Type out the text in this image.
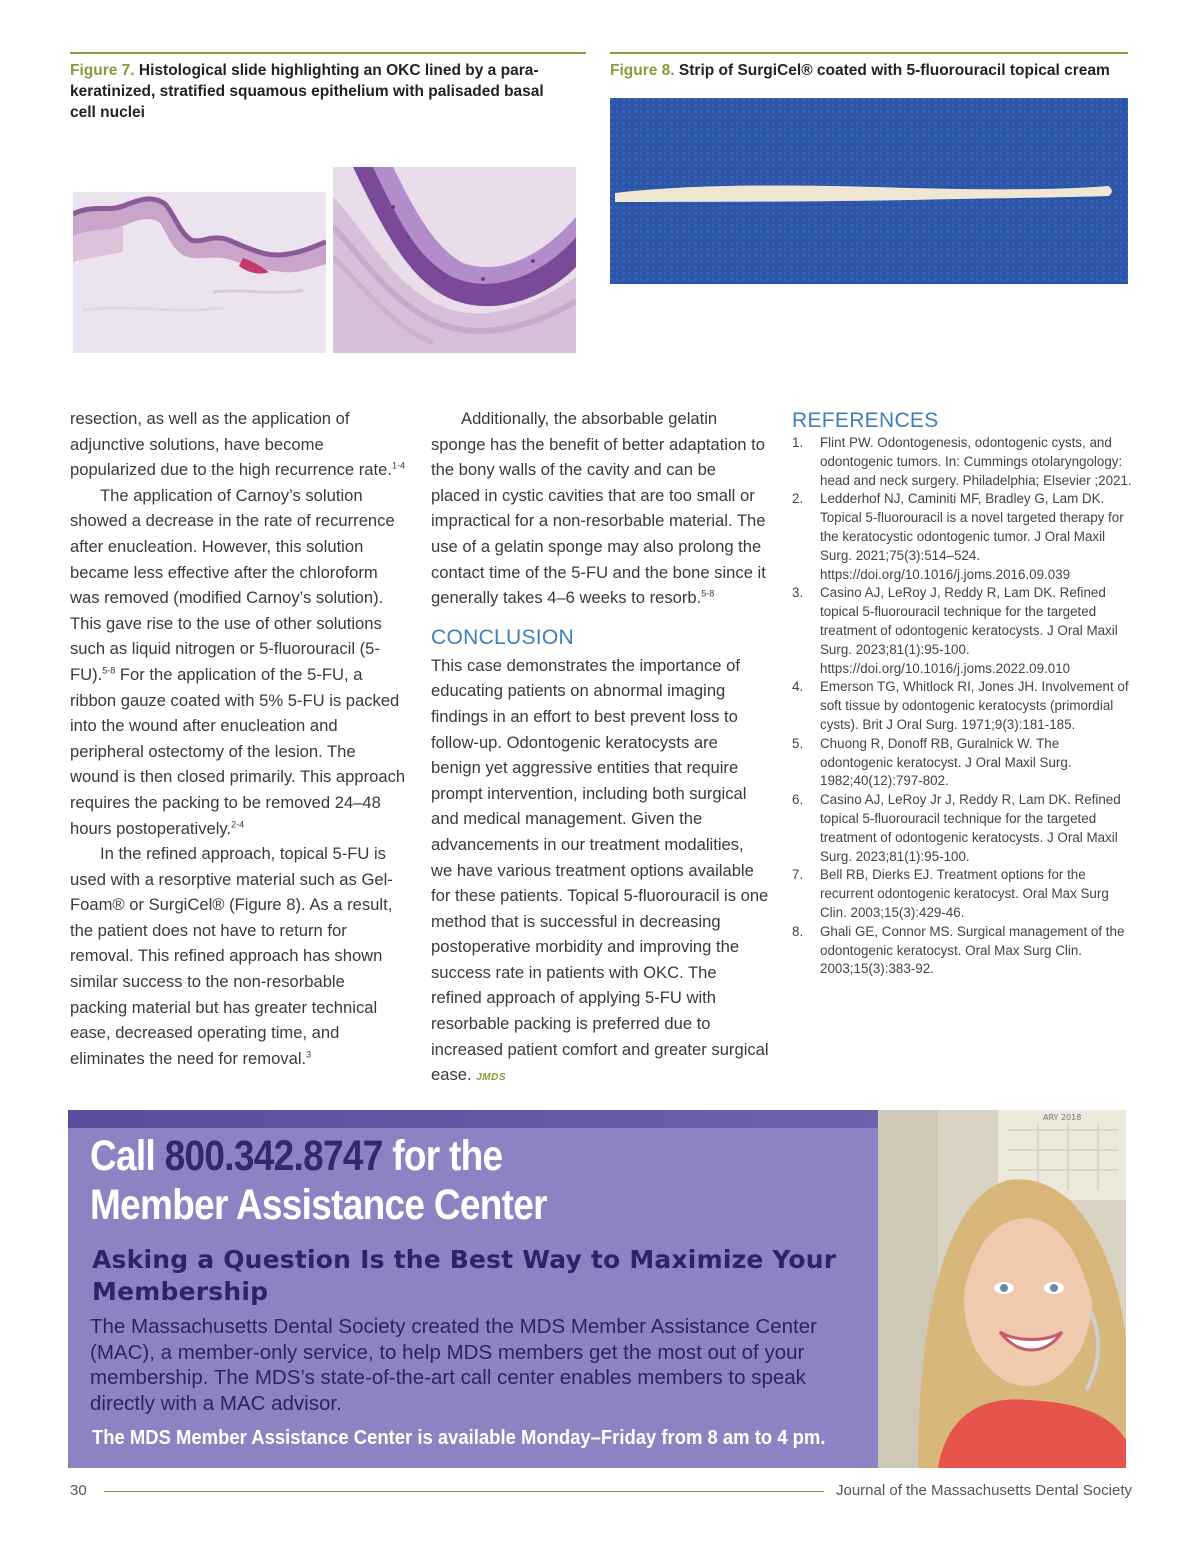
Figure 7. Histological slide highlighting an OKC lined by a para-keratinized, stratified squamous epithelium with palisaded basal cell nuclei
Figure 8. Strip of SurgiCel® coated with 5-fluorouracil topical cream

resection, as well as the application of adjunctive solutions, have become popularized due to the high recurrence rate.$^{1-4}$

The application of Carnoy’s solution showed a decrease in the rate of recurrence after enucleation. However, this solution became less effective after the chloroform was removed (modified Carnoy’s solution). This gave rise to the use of other solutions such as liquid nitrogen or 5-fluorouracil (5-FU).$^{5-8}$ For the application of the 5-FU, a ribbon gauze coated with 5% 5-FU is packed into the wound after enucleation and peripheral ostectomy of the lesion. The wound is then closed primarily. This approach requires the packing to be removed 24–48 hours postoperatively.$^{2-4}$

In the refined approach, topical 5-FU is used with a resorptive material such as Gel-Foam® or SurgiCel® (Figure 8). As a result, the patient does not have to return for removal. This refined approach has shown similar success to the non-resorbable packing material but has greater technical ease, decreased operating time, and eliminates the need for removal.$^3$

Additionally, the absorbable gelatin sponge has the benefit of better adaptation to the bony walls of the cavity and can be placed in cystic cavities that are too small or impractical for a non-resorbable material. The use of a gelatin sponge may also prolong the contact time of the 5-FU and the bone since it generally takes 4–6 weeks to resorb.$^{5-8}$

CONCLUSION

This case demonstrates the importance of educating patients on abnormal imaging findings in an effort to best prevent loss to follow-up. Odontogenic keratocysts are benign yet aggressive entities that require prompt intervention, including both surgical and medical management. Given the advancements in our treatment modalities, we have various treatment options available for these patients. Topical 5-fluorouracil is one method that is successful in decreasing postoperative morbidity and improving the success rate in patients with OKC. The refined approach of applying 5-FU with resorbable packing is preferred due to increased patient comfort and greater surgical ease. JMDS

REFERENCES
1. Flint PW. Odontogenesis, odontogenic cysts, and odontogenic tumors. In: Cummings otolaryngology: head and neck surgery. Philadelphia; Elsevier ;2021.
2. Ledderhof NJ, Caminiti MF, Bradley G, Lam DK. Topical 5-fluorouracil is a novel targeted therapy for the keratocystic odontogenic tumor. J Oral Maxil Surg. 2021;75(3):514–524. https://doi.org/10.1016/j.joms.2016.09.039
3. Casino AJ, LeRoy J, Reddy R, Lam DK. Refined topical 5-fluorouracil technique for the targeted treatment of odontogenic keratocysts. J Oral Maxil Surg. 2023;81(1):95-100. https://doi.org/10.1016/j.joms.2022.09.010
4. Emerson TG, Whitlock RI, Jones JH. Involvement of soft tissue by odontogenic keratocysts (primordial cysts). Brit J Oral Surg. 1971;9(3):181-185.
5. Chuong R, Donoff RB, Guralnick W. The odontogenic keratocyst. J Oral Maxil Surg. 1982;40(12):797-802.
6. Casino AJ, LeRoy Jr J, Reddy R, Lam DK. Refined topical 5-fluorouracil technique for the targeted treatment of odontogenic keratocysts. J Oral Maxil Surg. 2023;81(1):95-100.
7. Bell RB, Dierks EJ. Treatment options for the recurrent odontogenic keratocyst. Oral Max Surg Clin. 2003;15(3):429-46.
8. Ghali GE, Connor MS. Surgical management of the odontogenic keratocyst. Oral Max Surg Clin. 2003;15(3):383-92.
Call 800.342.8747 for the
Member Assistance Center
Asking a Question Is the Best Way to Maximize Your Membership
The Massachusetts Dental Society created the MDS Member Assistance Center (MAC), a member-only service, to help MDS members get the most out of your membership. The MDS’s state-of-the-art call center enables members to speak directly with a MAC advisor.
The MDS Member Assistance Center is available Monday–Friday from 8 am to 4 pm.
ARY 2018
30	Journal of the Massachusetts Dental Society
